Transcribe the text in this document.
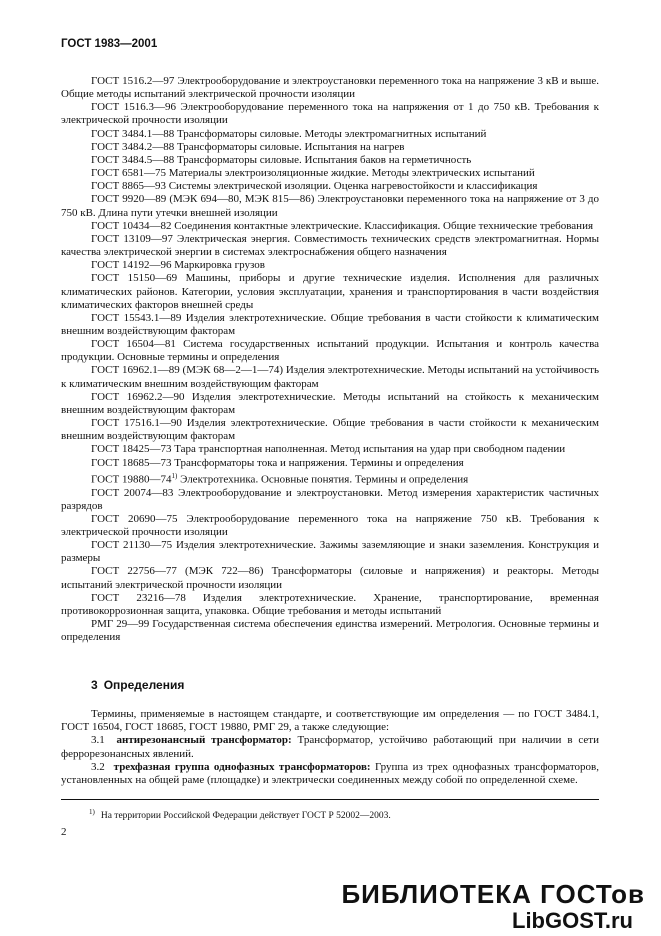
ГОСТ 1983—2001

ГОСТ 1516.2—97 Электрооборудование и электроустановки переменного тока на напряжение 3 кВ и выше. Общие методы испытаний электрической прочности изоляции

ГОСТ 1516.3—96 Электрооборудование переменного тока на напряжения от 1 до 750 кВ. Требования к электрической прочности изоляции

ГОСТ 3484.1—88 Трансформаторы силовые. Методы электромагнитных испытаний

ГОСТ 3484.2—88 Трансформаторы силовые. Испытания на нагрев

ГОСТ 3484.5—88 Трансформаторы силовые. Испытания баков на герметичность

ГОСТ 6581—75 Материалы электроизоляционные жидкие. Методы электрических испытаний

ГОСТ 8865—93 Системы электрической изоляции. Оценка нагревостойкости и классификация

ГОСТ 9920—89 (МЭК 694—80, МЭК 815—86) Электроустановки переменного тока на напряжение от 3 до 750 кВ. Длина пути утечки внешней изоляции

ГОСТ 10434—82 Соединения контактные электрические. Классификация. Общие технические требования

ГОСТ 13109—97 Электрическая энергия. Совместимость технических средств электромагнитная. Нормы качества электрической энергии в системах электроснабжения общего назначения

ГОСТ 14192—96 Маркировка грузов

ГОСТ 15150—69 Машины, приборы и другие технические изделия. Исполнения для различных климатических районов. Категории, условия эксплуатации, хранения и транспортирования в части воздействия климатических факторов внешней среды

ГОСТ 15543.1—89 Изделия электротехнические. Общие требования в части стойкости к климатическим внешним воздействующим факторам

ГОСТ 16504—81 Система государственных испытаний продукции. Испытания и контроль качества продукции. Основные термины и определения

ГОСТ 16962.1—89 (МЭК 68—2—1—74) Изделия электротехнические. Методы испытаний на устойчивость к климатическим внешним воздействующим факторам

ГОСТ 16962.2—90 Изделия электротехнические. Методы испытаний на стойкость к механическим внешним воздействующим факторам

ГОСТ 17516.1—90 Изделия электротехнические. Общие требования в части стойкости к механическим внешним воздействующим факторам

ГОСТ 18425—73 Тара транспортная наполненная. Метод испытания на удар при свободном падении

ГОСТ 18685—73 Трансформаторы тока и напряжения. Термины и определения

ГОСТ 19880—74$^{1)}$ Электротехника. Основные понятия. Термины и определения

ГОСТ 20074—83 Электрооборудование и электроустановки. Метод измерения характеристик частичных разрядов

ГОСТ 20690—75 Электрооборудование переменного тока на напряжение 750 кВ. Требования к электрической прочности изоляции

ГОСТ 21130—75 Изделия электротехнические. Зажимы заземляющие и знаки заземления. Конструкция и размеры

ГОСТ 22756—77 (МЭК 722—86) Трансформаторы (силовые и напряжения) и реакторы. Методы испытаний электрической прочности изоляции

ГОСТ 23216—78 Изделия электротехнические. Хранение, транспортирование, временная противокоррозионная защита, упаковка. Общие требования и методы испытаний

РМГ 29—99 Государственная система обеспечения единства измерений. Метрология. Основные термины и определения

3 Определения

Термины, применяемые в настоящем стандарте, и соответствующие им определения — по ГОСТ 3484.1, ГОСТ 16504, ГОСТ 18685, ГОСТ 19880, РМГ 29, а также следующие:

3.1 антирезонансный трансформатор: Трансформатор, устойчиво работающий при наличии в сети феррорезонансных явлений.

3.2 трехфазная группа однофазных трансформаторов: Группа из трех однофазных трансформаторов, установленных на общей раме (площадке) и электрически соединенных между собой по определенной схеме.

$^{1)}$ На территории Российской Федерации действует ГОСТ Р 52002—2003.
2
БИБЛИОТЕКА ГОСТов
LibGOST.ru
